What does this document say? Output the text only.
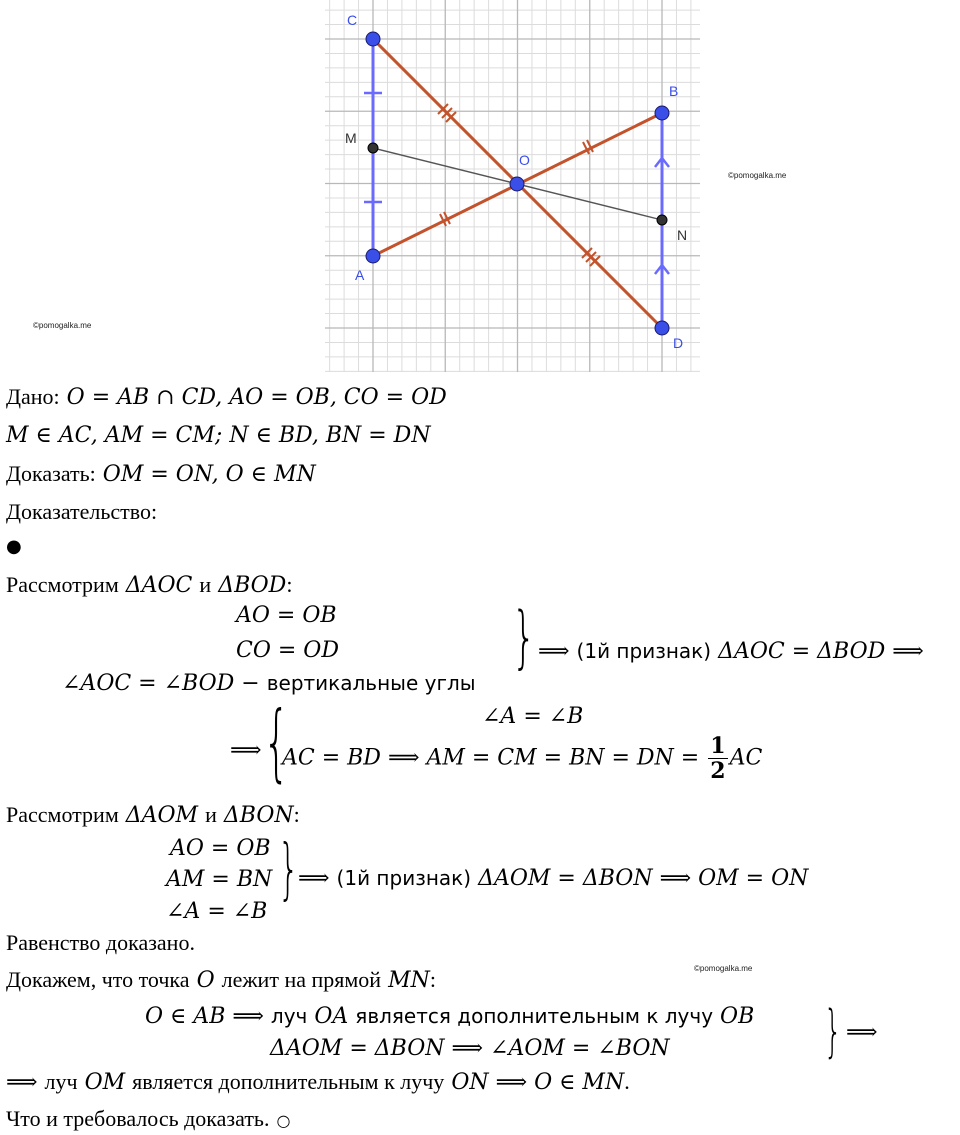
C
M
A
O
B
N
D
©pomogalka.me
©pomogalka.me
©pomogalka.me
Дано: O = AB ∩ CD, AO = OB, CO = OD
M ∈ AC, AM = CM; N ∈ BD, BN = DN
Доказать: OM = ON, O ∈ MN
Доказательство:
●
Рассмотрим ΔAOC и ΔBOD:
AO = OB
CO = OD
∠AOC = ∠BOD − вертикальные углы
} ⟹ (1й признак) ΔAOC = ΔBOD ⟹
⟹ {	∠A = ∠B
AC = BD ⟹ AM = CM = BN = DN = $\frac{1}{2}$ AC
Рассмотрим ΔAOM и ΔBON:
AO = OB
AM = BN
∠A = ∠B
} ⟹ (1й признак) ΔAOM = ΔBON ⟹ OM = ON
Равенство доказано.
Докажем, что точка O лежит на прямой MN:
O ∈ AB ⟹ луч OA является дополнительным к лучу OB
ΔAOM = ΔBON ⟹ ∠AOM = ∠BON	} ⟹
⟹ луч OM является дополнительным к лучу ON ⟹ O ∈ MN.
Что и требовалось доказать. ○
